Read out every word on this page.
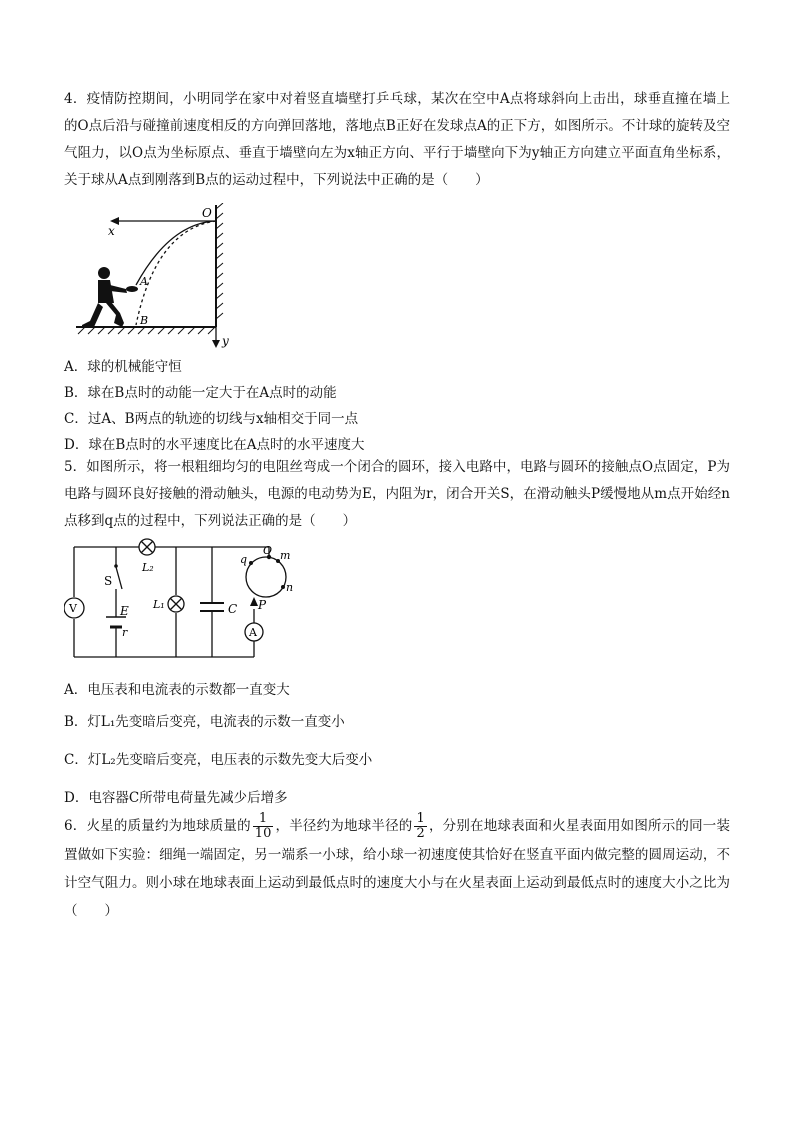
4．疫情防控期间，小明同学在家中对着竖直墙壁打乒乓球，某次在空中A点将球斜向上击出，球垂直撞在墙上的O点后沿与碰撞前速度相反的方向弹回落地，落地点B正好在发球点A的正下方，如图所示。不计球的旋转及空气阻力，以O点为坐标原点、垂直于墙壁向左为x轴正方向、平行于墙壁向下为y轴正方向建立平面直角坐标系，关于球从A点到刚落到B点的运动过程中，下列说法中正确的是（　　）
O
x
y
A
B
A．球的机械能守恒
B．球在B点时的动能一定大于在A点时的动能
C．过A、B两点的轨迹的切线与x轴相交于同一点
D．球在B点时的水平速度比在A点时的水平速度大
5．如图所示，将一根粗细均匀的电阻丝弯成一个闭合的圆环，接入电路中，电路与圆环的接触点O点固定，P为电路与圆环良好接触的滑动触头，电源的电动势为E，内阻为r，闭合开关S，在滑动触头P缓慢地从m点开始经n点移到q点的过程中，下列说法正确的是（　　）
L₂
L₁
S
E
r
V	C
A
P
O m
n
q
A．电压表和电流表的示数都一直变大
B．灯L₁先变暗后变亮，电流表的示数一直变小
C．灯L₂先变暗后变亮，电压表的示数先变大后变小
D．电容器C所带电荷量先减少后增多
6．火星的质量约为地球质量的 $\frac{1}{10}$ ，半径约为地球半径的 $\frac{1}{2}$ ，分别在地球表面和火星表面用如图所示的同一装置做如下实验：细绳一端固定，另一端系一小球，给小球一初速度使其恰好在竖直平面内做完整的圆周运动，不计空气阻力。则小球在地球表面上运动到最低点时的速度大小与在火星表面上运动到最低点时的速度大小之比为（　　）
